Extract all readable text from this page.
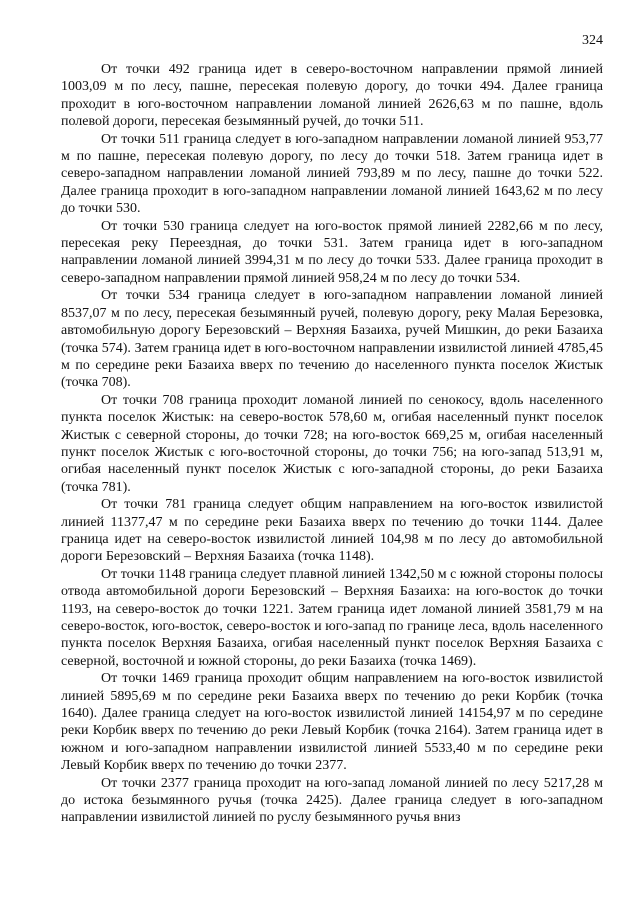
324

От точки 492 граница идет в северо-восточном направлении прямой линией 1003,09 м по лесу, пашне, пересекая полевую дорогу, до точки 494. Далее граница проходит в юго-восточном направлении ломаной линией 2626,63 м по пашне, вдоль полевой дороги, пересекая безымянный ручей, до точки 511.

От точки 511 граница следует в юго-западном направлении ломаной линией 953,77 м по пашне, пересекая полевую дорогу, по лесу до точки 518. Затем граница идет в северо-западном направлении ломаной линией 793,89 м по лесу, пашне до точки 522. Далее граница проходит в юго-западном направлении ломаной линией 1643,62 м по лесу до точки 530.

От точки 530 граница следует на юго-восток прямой линией 2282,66 м по лесу, пересекая реку Переездная, до точки 531. Затем граница идет в юго-западном направлении ломаной линией 3994,31 м по лесу до точки 533. Далее граница проходит в северо-западном направлении прямой линией 958,24 м по лесу до точки 534.

От точки 534 граница следует в юго-западном направлении ломаной линией 8537,07 м по лесу, пересекая безымянный ручей, полевую дорогу, реку Малая Березовка, автомобильную дорогу Березовский – Верхняя Базаиха, ручей Мишкин, до реки Базаиха (точка 574). Затем граница идет в юго-восточном направлении извилистой линией 4785,45 м по середине реки Базаиха вверх по течению до населенного пункта поселок Жистык (точка 708).

От точки 708 граница проходит ломаной линией по сенокосу, вдоль населенного пункта поселок Жистык: на северо-восток 578,60 м, огибая населенный пункт поселок Жистык с северной стороны, до точки 728; на юго-восток 669,25 м, огибая населенный пункт поселок Жистык с юго-восточной стороны, до точки 756; на юго-запад 513,91 м, огибая населенный пункт поселок Жистык с юго-западной стороны, до реки Базаиха (точка 781).

От точки 781 граница следует общим направлением на юго-восток извилистой линией 11377,47 м по середине реки Базаиха вверх по течению до точки 1144. Далее граница идет на северо-восток извилистой линией 104,98 м по лесу до автомобильной дороги Березовский – Верхняя Базаиха (точка 1148).

От точки 1148 граница следует плавной линией 1342,50 м с южной стороны полосы отвода автомобильной дороги Березовский – Верхняя Базаиха: на юго-восток до точки 1193, на северо-восток до точки 1221. Затем граница идет ломаной линией 3581,79 м на северо-восток, юго-восток, северо-восток и юго-запад по границе леса, вдоль населенного пункта поселок Верхняя Базаиха, огибая населенный пункт поселок Верхняя Базаиха с северной, восточной и южной стороны, до реки Базаиха (точка 1469).

От точки 1469 граница проходит общим направлением на юго-восток извилистой линией 5895,69 м по середине реки Базаиха вверх по течению до реки Корбик (точка 1640). Далее граница следует на юго-восток извилистой линией 14154,97 м по середине реки Корбик вверх по течению до реки Левый Корбик (точка 2164). Затем граница идет в южном и юго-западном направлении извилистой линией 5533,40 м по середине реки Левый Корбик вверх по течению до точки 2377.

От точки 2377 граница проходит на юго-запад ломаной линией по лесу 5217,28 м до истока безымянного ручья (точка 2425). Далее граница следует в юго-западном направлении извилистой линией по руслу безымянного ручья вниз
